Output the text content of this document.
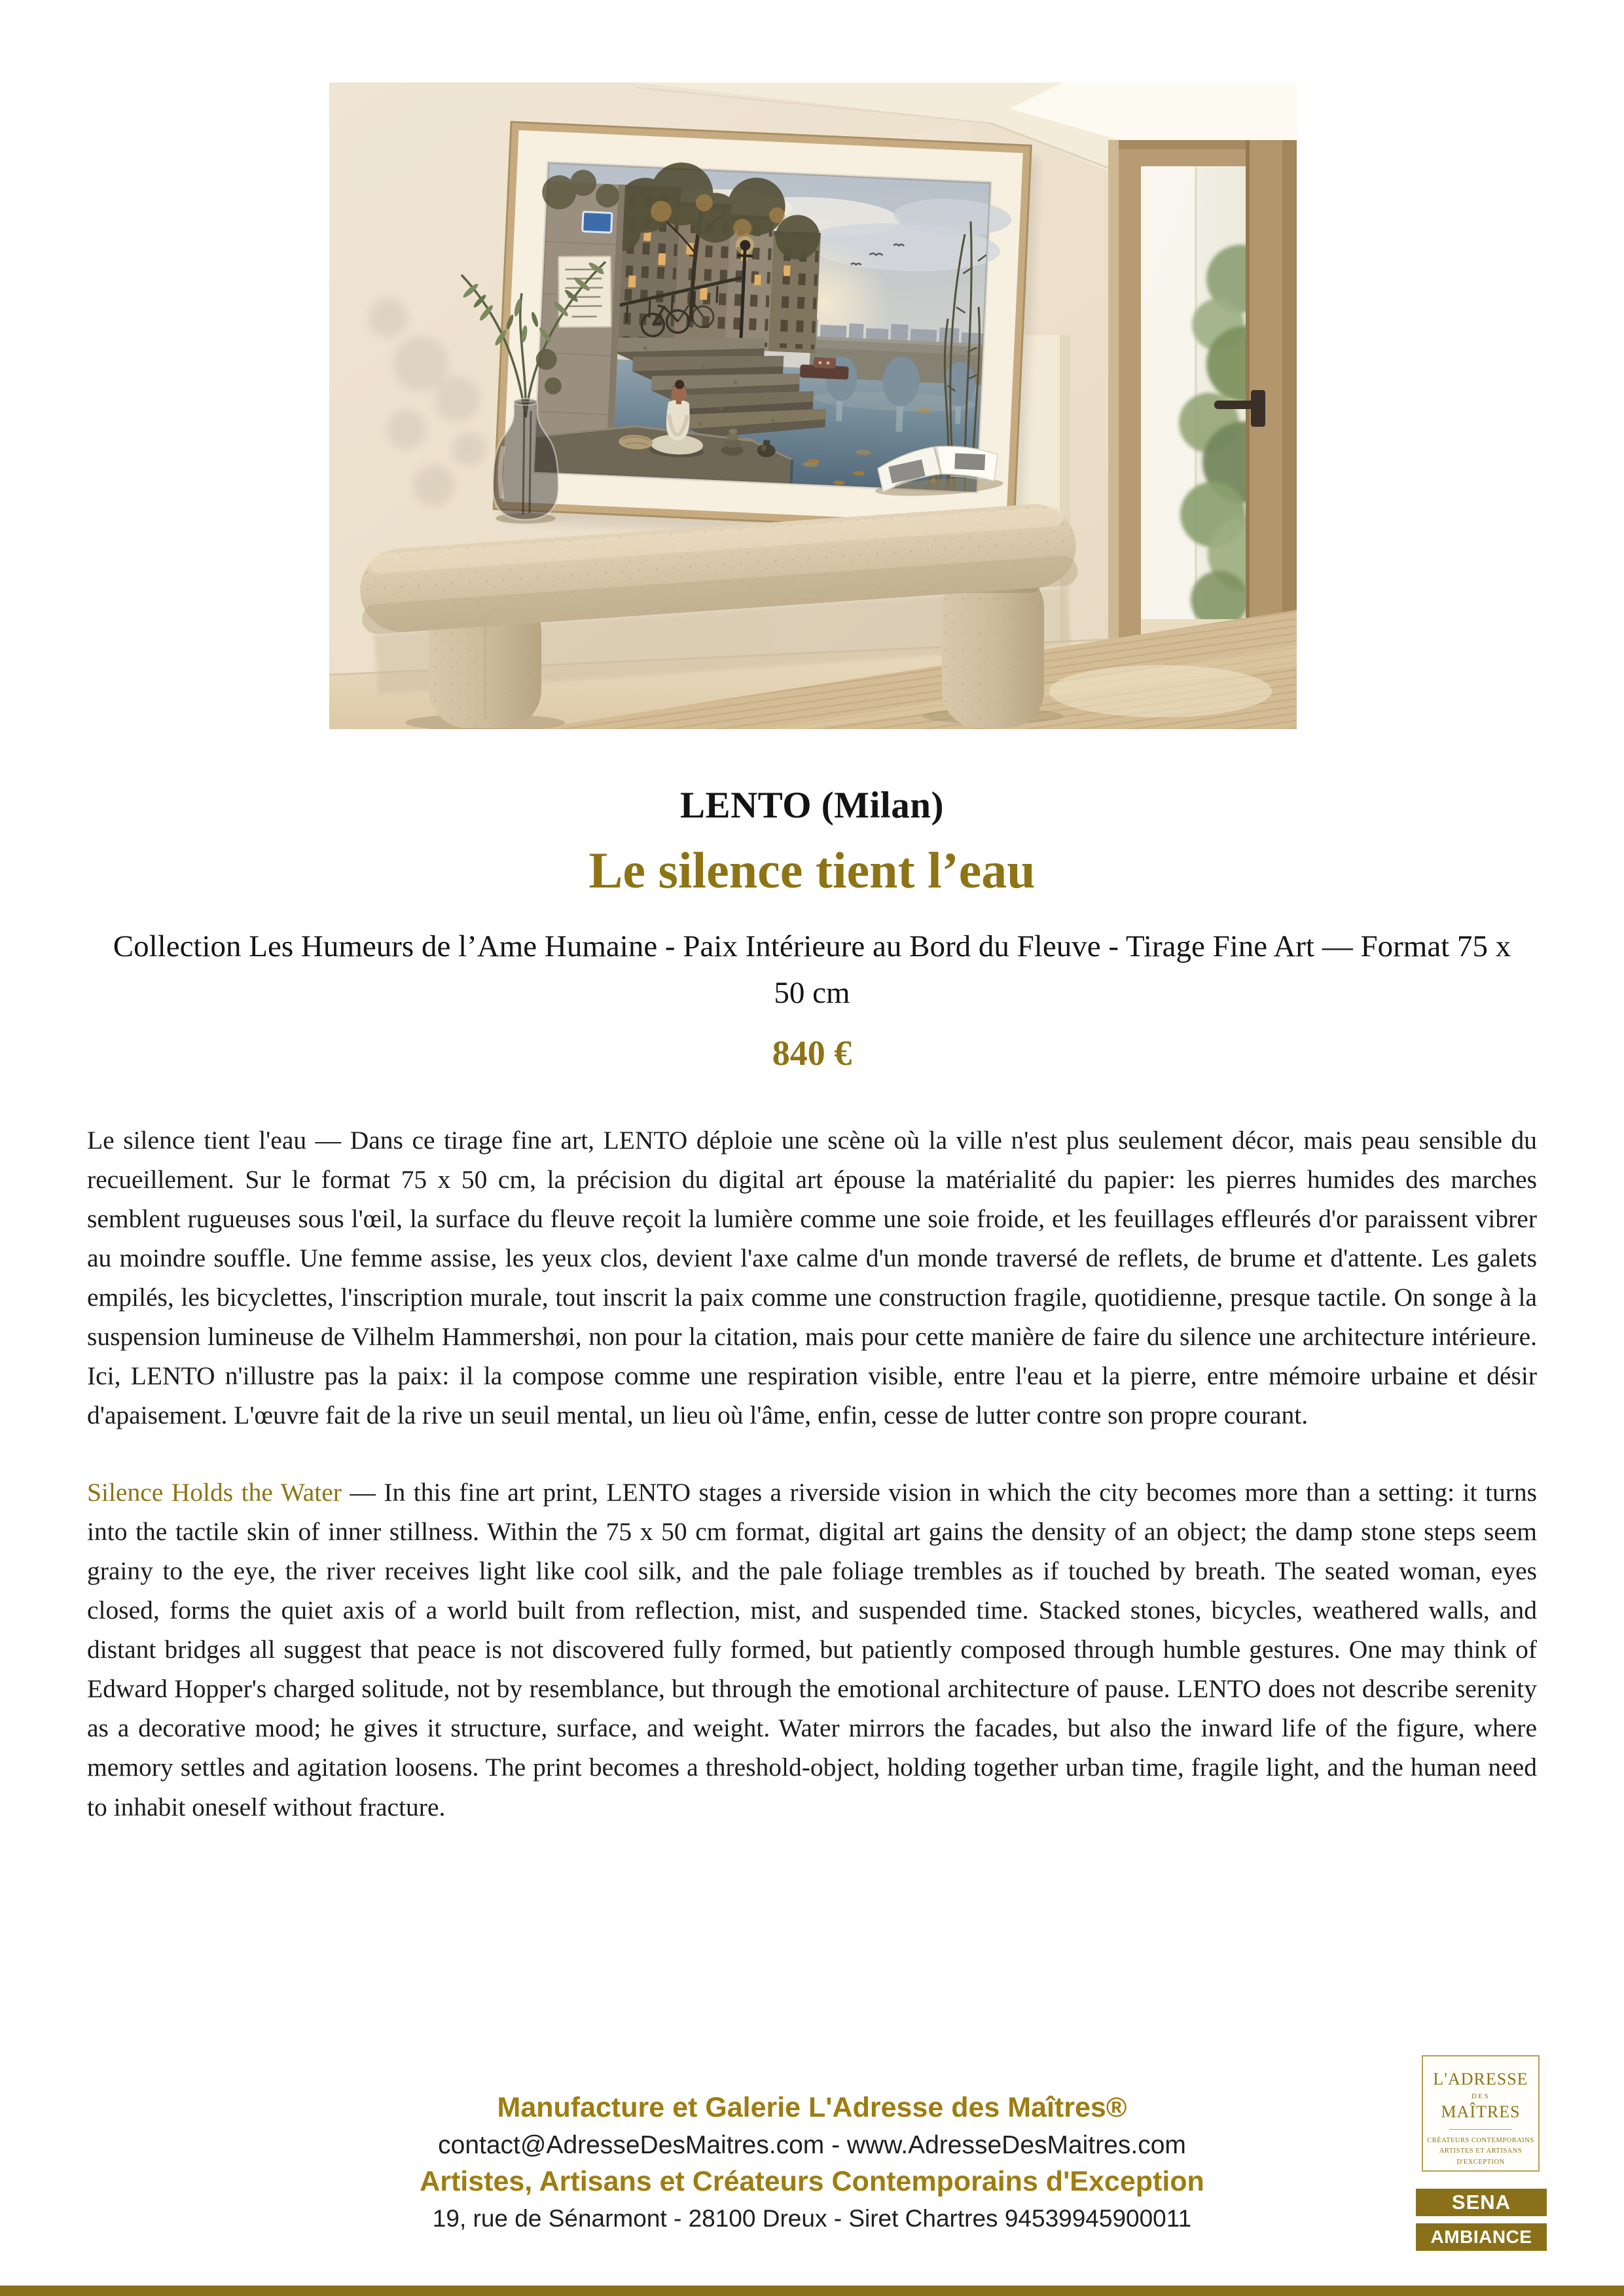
LENTO (Milan)
Le silence tient l’eau
Collection Les Humeurs de l’Ame Humaine - Paix Intérieure au Bord du Fleuve - Tirage Fine Art — Format 75 x
50 cm
840 €

Le silence tient l'eau — Dans ce tirage fine art, LENTO déploie une scène où la ville n'est plus seulement décor, mais peau sensible du recueillement. Sur le format 75 x 50 cm, la précision du digital art épouse la matérialité du papier: les pierres humides des marches semblent rugueuses sous l'œil, la surface du fleuve reçoit la lumière comme une soie froide, et les feuillages effleurés d'or paraissent vibrer au moindre souffle. Une femme assise, les yeux clos, devient l'axe calme d'un monde traversé de reflets, de brume et d'attente. Les galets empilés, les bicyclettes, l'inscription murale, tout inscrit la paix comme une construction fragile, quotidienne, presque tactile. On songe à la suspension lumineuse de Vilhelm Hammershøi, non pour la citation, mais pour cette manière de faire du silence une architecture intérieure. Ici, LENTO n'illustre pas la paix: il la compose comme une respiration visible, entre l'eau et la pierre, entre mémoire urbaine et désir d'apaisement. L'œuvre fait de la rive un seuil mental, un lieu où l'âme, enfin, cesse de lutter contre son propre courant.

Silence Holds the Water — In this fine art print, LENTO stages a riverside vision in which the city becomes more than a setting: it turns into the tactile skin of inner stillness. Within the 75 x 50 cm format, digital art gains the density of an object; the damp stone steps seem grainy to the eye, the river receives light like cool silk, and the pale foliage trembles as if touched by breath. The seated woman, eyes closed, forms the quiet axis of a world built from reflection, mist, and suspended time. Stacked stones, bicycles, weathered walls, and distant bridges all suggest that peace is not discovered fully formed, but patiently composed through humble gestures. One may think of Edward Hopper's charged solitude, not by resemblance, but through the emotional architecture of pause. LENTO does not describe serenity as a decorative mood; he gives it structure, surface, and weight. Water mirrors the facades, but also the inward life of the figure, where memory settles and agitation loosens. The print becomes a threshold-object, holding together urban time, fragile light, and the human need to inhabit oneself without fracture.

Manufacture et Galerie L'Adresse des Maîtres®
contact@AdresseDesMaitres.com - www.AdresseDesMaitres.com
Artistes, Artisans et Créateurs Contemporains d'Exception
19, rue de Sénarmont - 28100 Dreux - Siret Chartres 94539945900011
L'ADRESSE
DES
MAÎTRES
CRÉATEURS CONTEMPORAINS
ARTISTES ET ARTISANS
D'EXCEPTION
SENA
AMBIANCE
